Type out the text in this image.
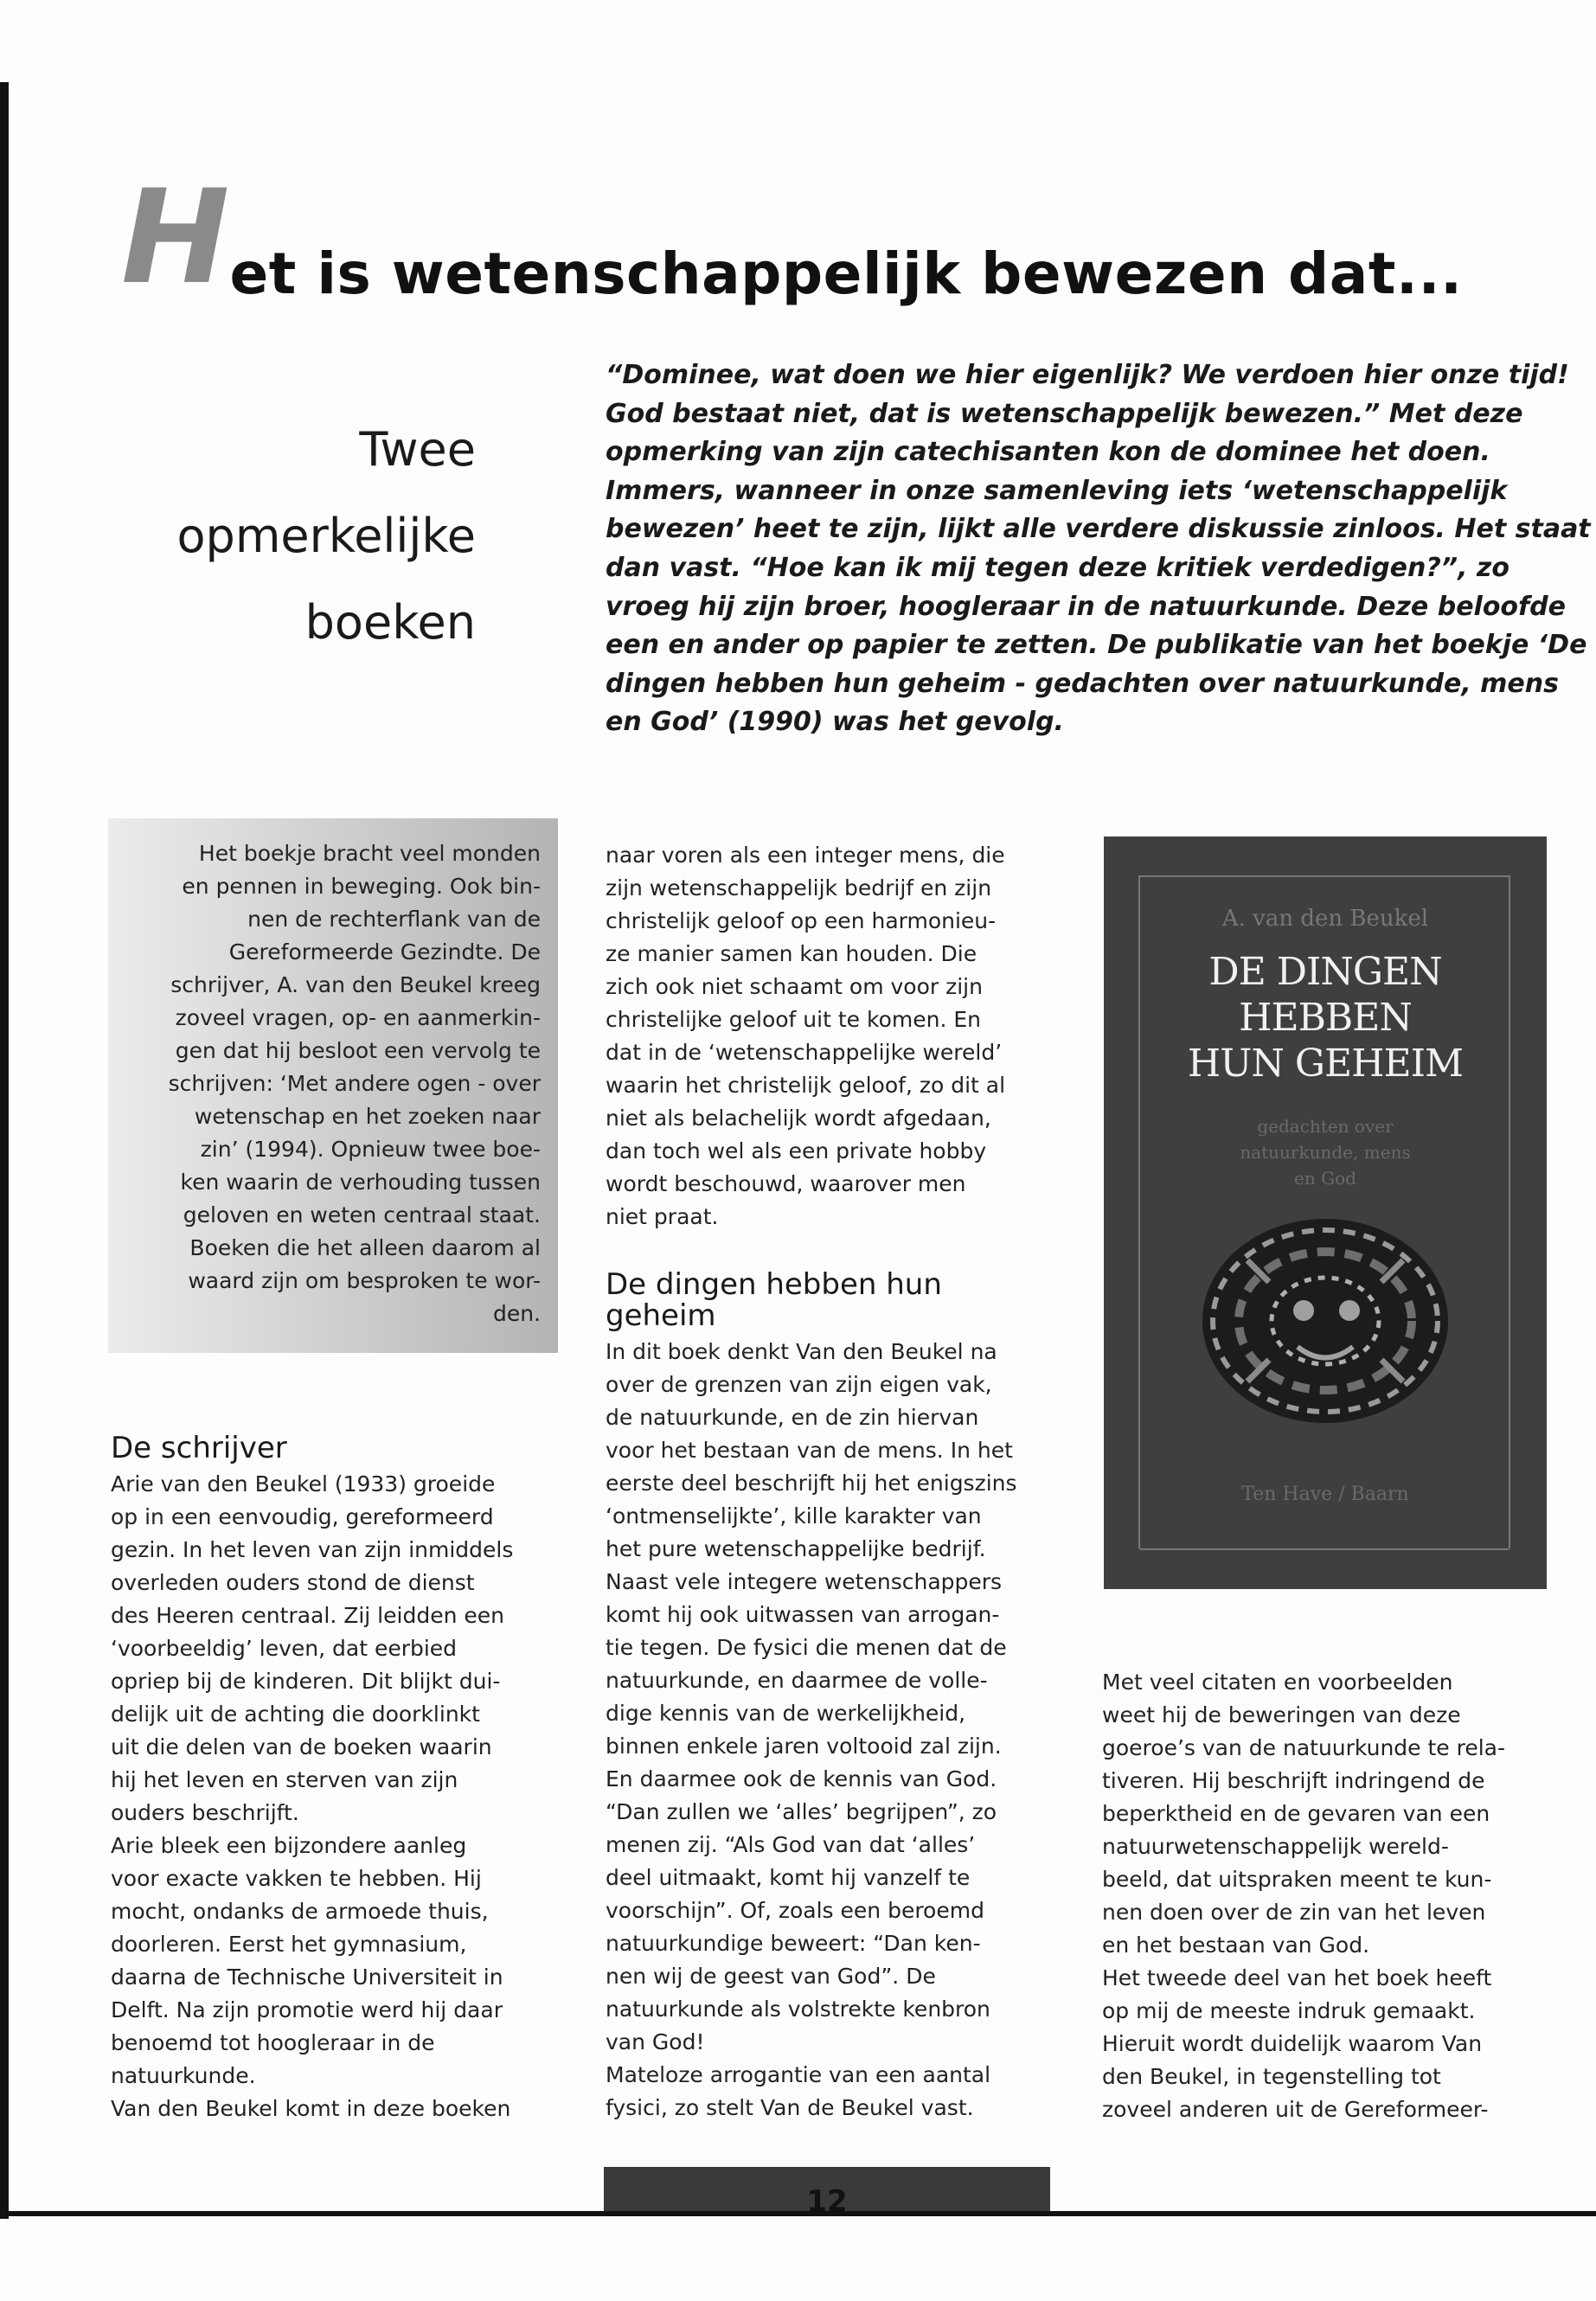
Het is wetenschappelijk bewezen dat...
Twee
opmerkelijke
boeken
“Dominee, wat doen we hier eigenlijk? We verdoen hier onze tijd!
God bestaat niet, dat is wetenschappelijk bewezen.” Met deze
opmerking van zijn catechisanten kon de dominee het doen.
Immers, wanneer in onze samenleving iets ‘wetenschappelijk
bewezen’ heet te zijn, lijkt alle verdere diskussie zinloos. Het staat
dan vast. “Hoe kan ik mij tegen deze kritiek verdedigen?”, zo
vroeg hij zijn broer, hoogleraar in de natuurkunde. Deze beloofde
een en ander op papier te zetten. De publikatie van het boekje ‘De
dingen hebben hun geheim - gedachten over natuurkunde, mens
en God’ (1990) was het gevolg.
Het boekje bracht veel monden
en pennen in beweging. Ook bin-
nen de rechterflank van de
Gereformeerde Gezindte. De
schrijver, A. van den Beukel kreeg
zoveel vragen, op- en aanmerkin-
gen dat hij besloot een vervolg te
schrijven: ‘Met andere ogen - over
wetenschap en het zoeken naar
zin’ (1994). Opnieuw twee boe-
ken waarin de verhouding tussen
geloven en weten centraal staat.
Boeken die het alleen daarom al
waard zijn om besproken te wor-
den.
De schrijver
Arie van den Beukel (1933) groeide
op in een eenvoudig, gereformeerd
gezin. In het leven van zijn inmiddels
overleden ouders stond de dienst
des Heeren centraal. Zij leidden een
‘voorbeeldig’ leven, dat eerbied
opriep bij de kinderen. Dit blijkt dui-
delijk uit de achting die doorklinkt
uit die delen van de boeken waarin
hij het leven en sterven van zijn
ouders beschrijft.
Arie bleek een bijzondere aanleg
voor exacte vakken te hebben. Hij
mocht, ondanks de armoede thuis,
doorleren. Eerst het gymnasium,
daarna de Technische Universiteit in
Delft. Na zijn promotie werd hij daar
benoemd tot hoogleraar in de
natuurkunde.
Van den Beukel komt in deze boeken
naar voren als een integer mens, die
zijn wetenschappelijk bedrijf en zijn
christelijk geloof op een harmonieu-
ze manier samen kan houden. Die
zich ook niet schaamt om voor zijn
christelijke geloof uit te komen. En
dat in de ‘wetenschappelijke wereld’
waarin het christelijk geloof, zo dit al
niet als belachelijk wordt afgedaan,
dan toch wel als een private hobby
wordt beschouwd, waarover men
niet praat.
De dingen hebben hun
geheim
In dit boek denkt Van den Beukel na
over de grenzen van zijn eigen vak,
de natuurkunde, en de zin hiervan
voor het bestaan van de mens. In het
eerste deel beschrijft hij het enigszins
‘ontmenselijkte’, kille karakter van
het pure wetenschappelijke bedrijf.
Naast vele integere wetenschappers
komt hij ook uitwassen van arrogan-
tie tegen. De fysici die menen dat de
natuurkunde, en daarmee de volle-
dige kennis van de werkelijkheid,
binnen enkele jaren voltooid zal zijn.
En daarmee ook de kennis van God.
“Dan zullen we ‘alles’ begrijpen”, zo
menen zij. “Als God van dat ‘alles’
deel uitmaakt, komt hij vanzelf te
voorschijn”. Of, zoals een beroemd
natuurkundige beweert: “Dan ken-
nen wij de geest van God”. De
natuurkunde als volstrekte kenbron
van God!
Mateloze arrogantie van een aantal
fysici, zo stelt Van de Beukel vast.
A. van den Beukel
DE DINGEN
HEBBEN
HUN GEHEIM
gedachten over
natuurkunde, mens
en God
Ten Have / Baarn
Met veel citaten en voorbeelden
weet hij de beweringen van deze
goeroe’s van de natuurkunde te rela-
tiveren. Hij beschrijft indringend de
beperktheid en de gevaren van een
natuurwetenschappelijk wereld-
beeld, dat uitspraken meent te kun-
nen doen over de zin van het leven
en het bestaan van God.
Het tweede deel van het boek heeft
op mij de meeste indruk gemaakt.
Hieruit wordt duidelijk waarom Van
den Beukel, in tegenstelling tot
zoveel anderen uit de Gereformeer-
12
